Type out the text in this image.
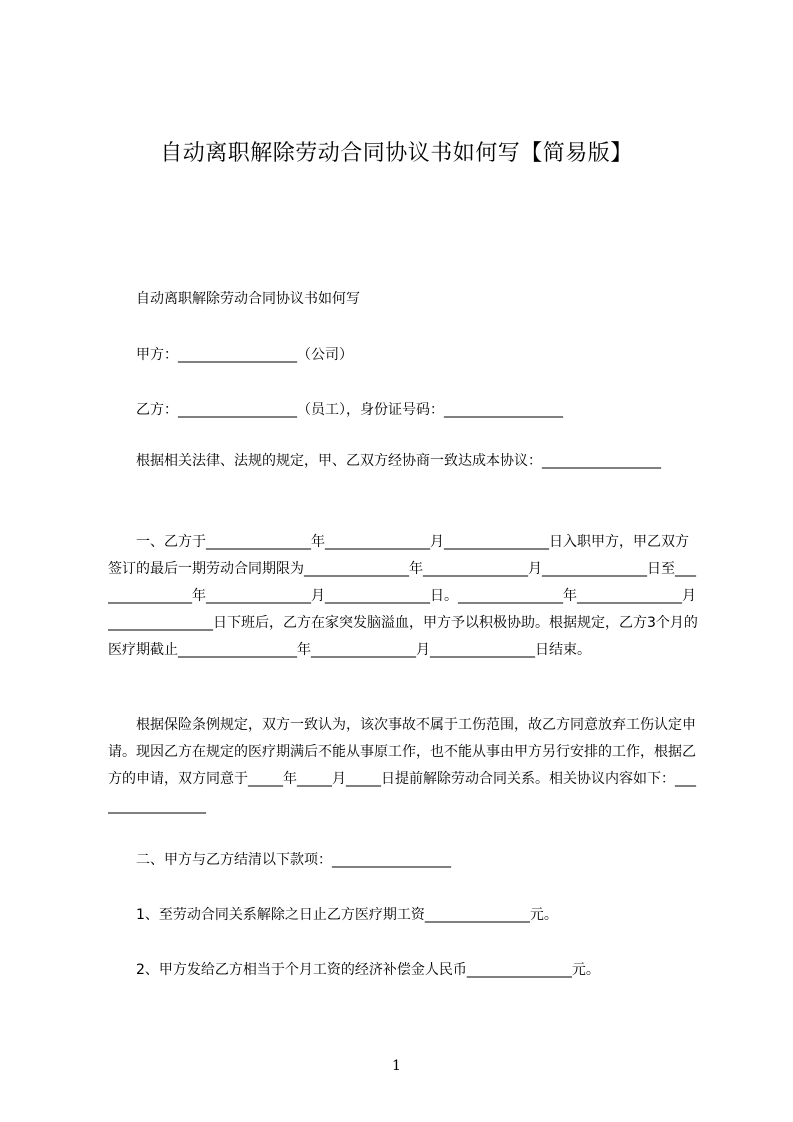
自动离职解除劳动合同协议书如何写【简易版】
自动离职解除劳动合同协议书如何写
甲方：_________________（公司）
乙方：_________________（员工），身份证号码：_________________
根据相关法律、法规的规定，甲、乙双方经协商一致达成本协议：_________________
一、乙方于_______________年_______________月_______________日入职甲方，甲乙双方签订的最后一期劳动合同期限为_______________年_______________月_______________日至_______________年_______________月_______________日。_______________年_______________月_______________日下班后，乙方在家突发脑溢血，甲方予以积极协助。根据规定，乙方3个月的医疗期截止_________________年_______________月_______________日结束。
根据保险条例规定，双方一致认为，该次事故不属于工伤范围，故乙方同意放弃工伤认定申请。现因乙方在规定的医疗期满后不能从事原工作，也不能从事由甲方另行安排的工作，根据乙方的申请，双方同意于_____年_____月_____日提前解除劳动合同关系。相关协议内容如下：_________________
二、甲方与乙方结清以下款项：_________________
1、至劳动合同关系解除之日止乙方医疗期工资_______________元。
2、甲方发给乙方相当于个月工资的经济补偿金人民币_______________元。
1
